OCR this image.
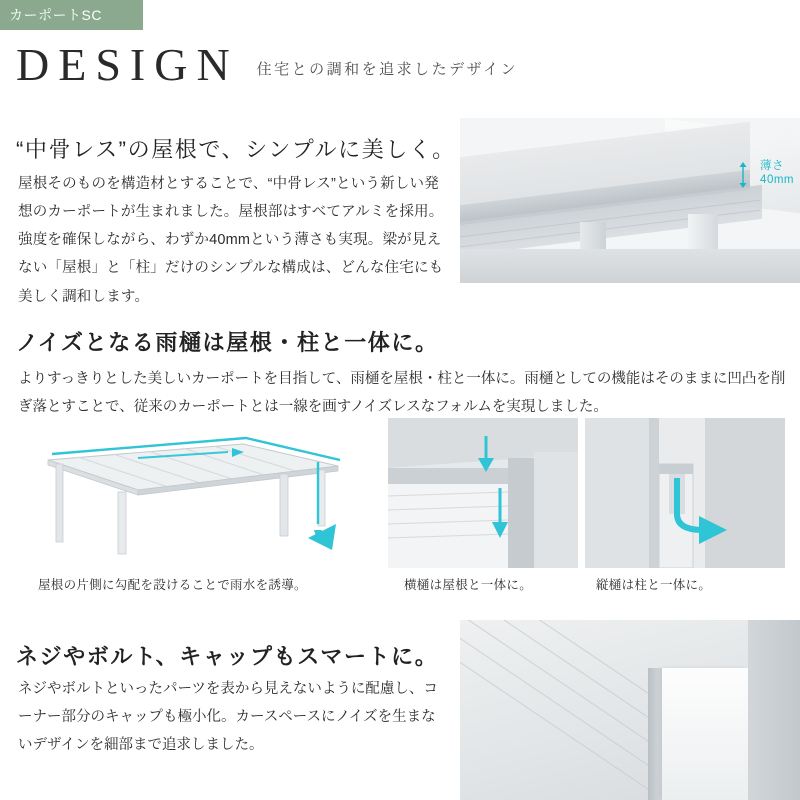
カーポートSC
DESIGN 住宅との調和を追求したデザイン
“中骨レス”の屋根で、シンプルに美しく。

屋根そのものを構造材とすることで、“中骨レス”という新しい発想のカーポートが生まれました。屋根部はすべてアルミを採用。強度を確保しながら、わずか40mmという薄さも実現。梁が見えない「屋根」と「柱」だけのシンプルな構成は、どんな住宅にも美しく調和します。

薄さ
40mm
ノイズとなる雨樋は屋根・柱と一体に。

よりすっきりとした美しいカーポートを目指して、雨樋を屋根・柱と一体に。雨樋としての機能はそのままに凹凸を削ぎ落とすことで、従来のカーポートとは一線を画すノイズレスなフォルムを実現しました。

屋根の片側に勾配を設けることで雨水を誘導。	横樋は屋根と一体に。	縦樋は柱と一体に。
ネジやボルト、キャップもスマートに。

ネジやボルトといったパーツを表から見えないように配慮し、コーナー部分のキャップも極小化。カースペースにノイズを生まないデザインを細部まで追求しました。
